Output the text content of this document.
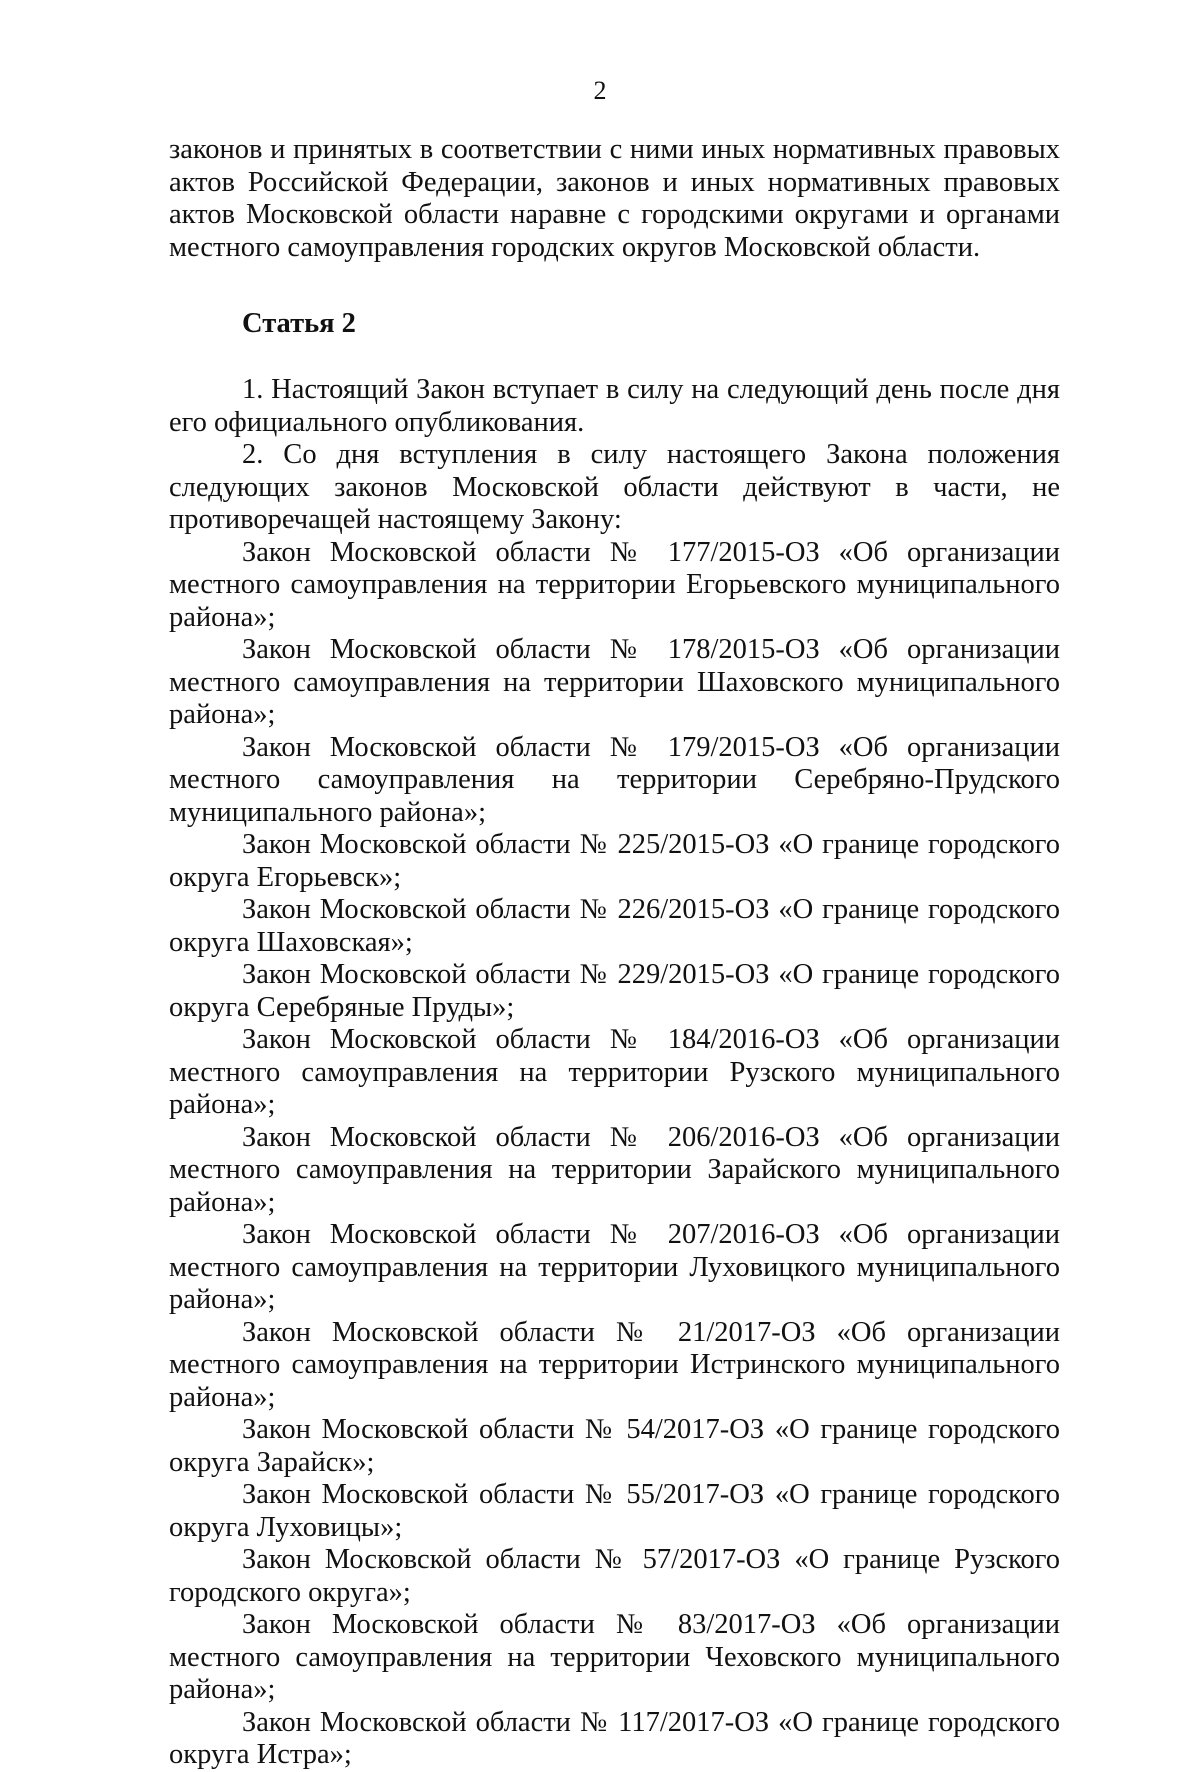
2

законов и принятых в соответствии с ними иных нормативных правовых актов Российской Федерации, законов и иных нормативных правовых актов Московской области наравне с городскими округами и органами местного самоуправления городских округов Московской области.

Статья 2

1. Настоящий Закон вступает в силу на следующий день после дня его официального опубликования.

2. Со дня вступления в силу настоящего Закона положения следующих законов Московской области действуют в части, не противоречащей настоящему Закону:

Закон Московской области № 177/2015-ОЗ «Об организации местного самоуправления на территории Егорьевского муниципального района»;

Закон Московской области № 178/2015-ОЗ «Об организации местного самоуправления на территории Шаховского муниципального района»;

Закон Московской области № 179/2015-ОЗ «Об организации местного самоуправления на территории Серебряно-Прудского муниципального района»;

Закон Московской области № 225/2015-ОЗ «О границе городского округа Егорьевск»;

Закон Московской области № 226/2015-ОЗ «О границе городского округа Шаховская»;

Закон Московской области № 229/2015-ОЗ «О границе городского округа Серебряные Пруды»;

Закон Московской области № 184/2016-ОЗ «Об организации местного самоуправления на территории Рузского муниципального района»;

Закон Московской области № 206/2016-ОЗ «Об организации местного самоуправления на территории Зарайского муниципального района»;

Закон Московской области № 207/2016-ОЗ «Об организации местного самоуправления на территории Луховицкого муниципального района»;

Закон Московской области № 21/2017-ОЗ «Об организации местного самоуправления на территории Истринского муниципального района»;

Закон Московской области № 54/2017-ОЗ «О границе городского округа Зарайск»;

Закон Московской области № 55/2017-ОЗ «О границе городского округа Луховицы»;

Закон Московской области № 57/2017-ОЗ «О границе Рузского городского округа»;

Закон Московской области № 83/2017-ОЗ «Об организации местного самоуправления на территории Чеховского муниципального района»;

Закон Московской области № 117/2017-ОЗ «О границе городского округа Истра»;
